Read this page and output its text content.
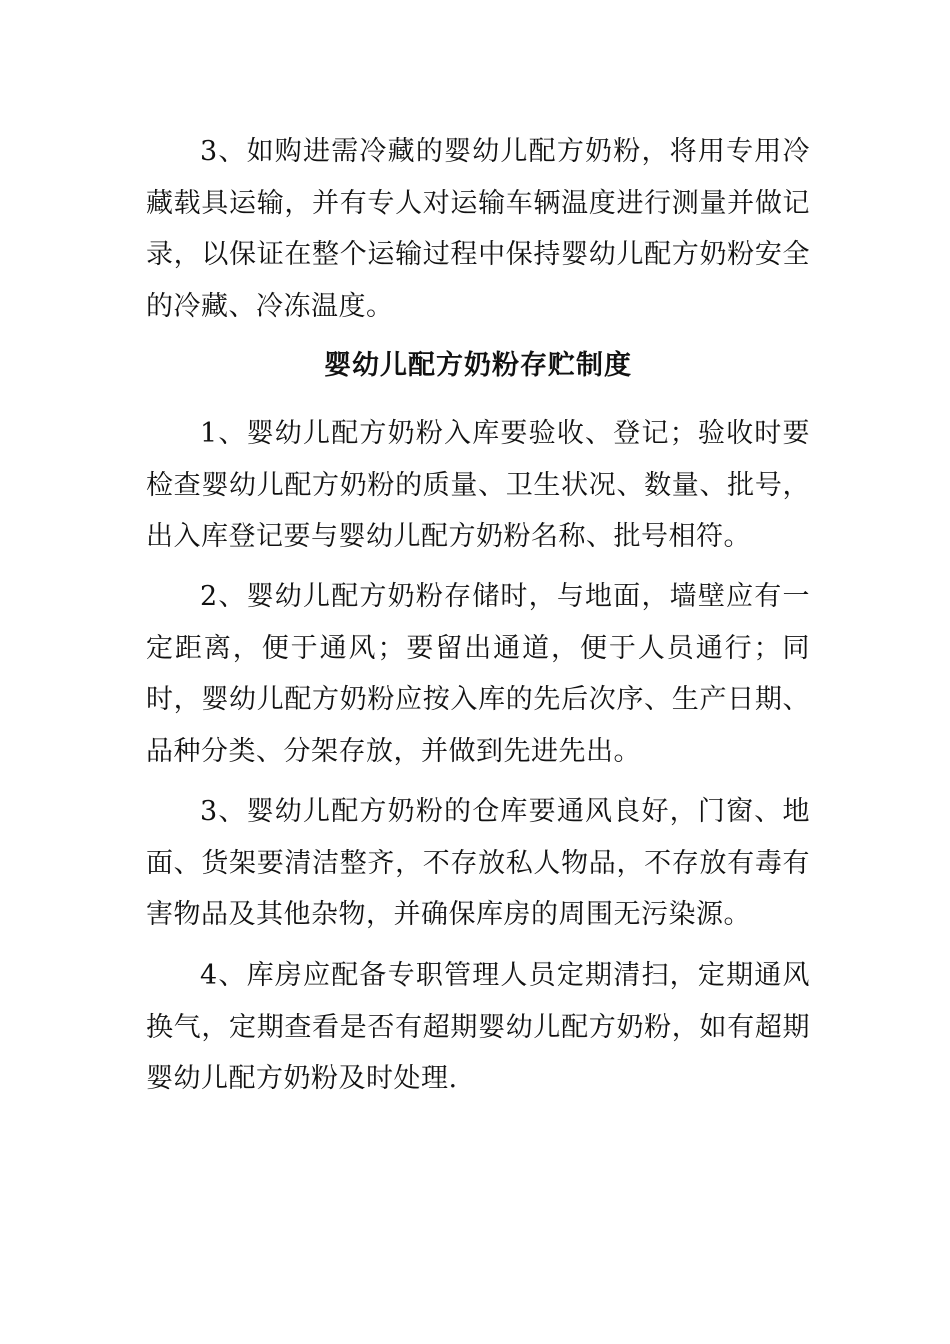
3、如购进需冷藏的婴幼儿配方奶粉，将用专用冷藏载具运输，并有专人对运输车辆温度进行测量并做记录，以保证在整个运输过程中保持婴幼儿配方奶粉安全的冷藏、冷冻温度。

婴幼儿配方奶粉存贮制度

1、婴幼儿配方奶粉入库要验收、登记；验收时要检查婴幼儿配方奶粉的质量、卫生状况、数量、批号，出入库登记要与婴幼儿配方奶粉名称、批号相符。

2、婴幼儿配方奶粉存储时，与地面，墙壁应有一定距离，便于通风；要留出通道，便于人员通行；同时，婴幼儿配方奶粉应按入库的先后次序、生产日期、品种分类、分架存放，并做到先进先出。

3、婴幼儿配方奶粉的仓库要通风良好，门窗、地面、货架要清洁整齐，不存放私人物品，不存放有毒有害物品及其他杂物，并确保库房的周围无污染源。

4、库房应配备专职管理人员定期清扫，定期通风换气，定期查看是否有超期婴幼儿配方奶粉，如有超期婴幼儿配方奶粉及时处理.
